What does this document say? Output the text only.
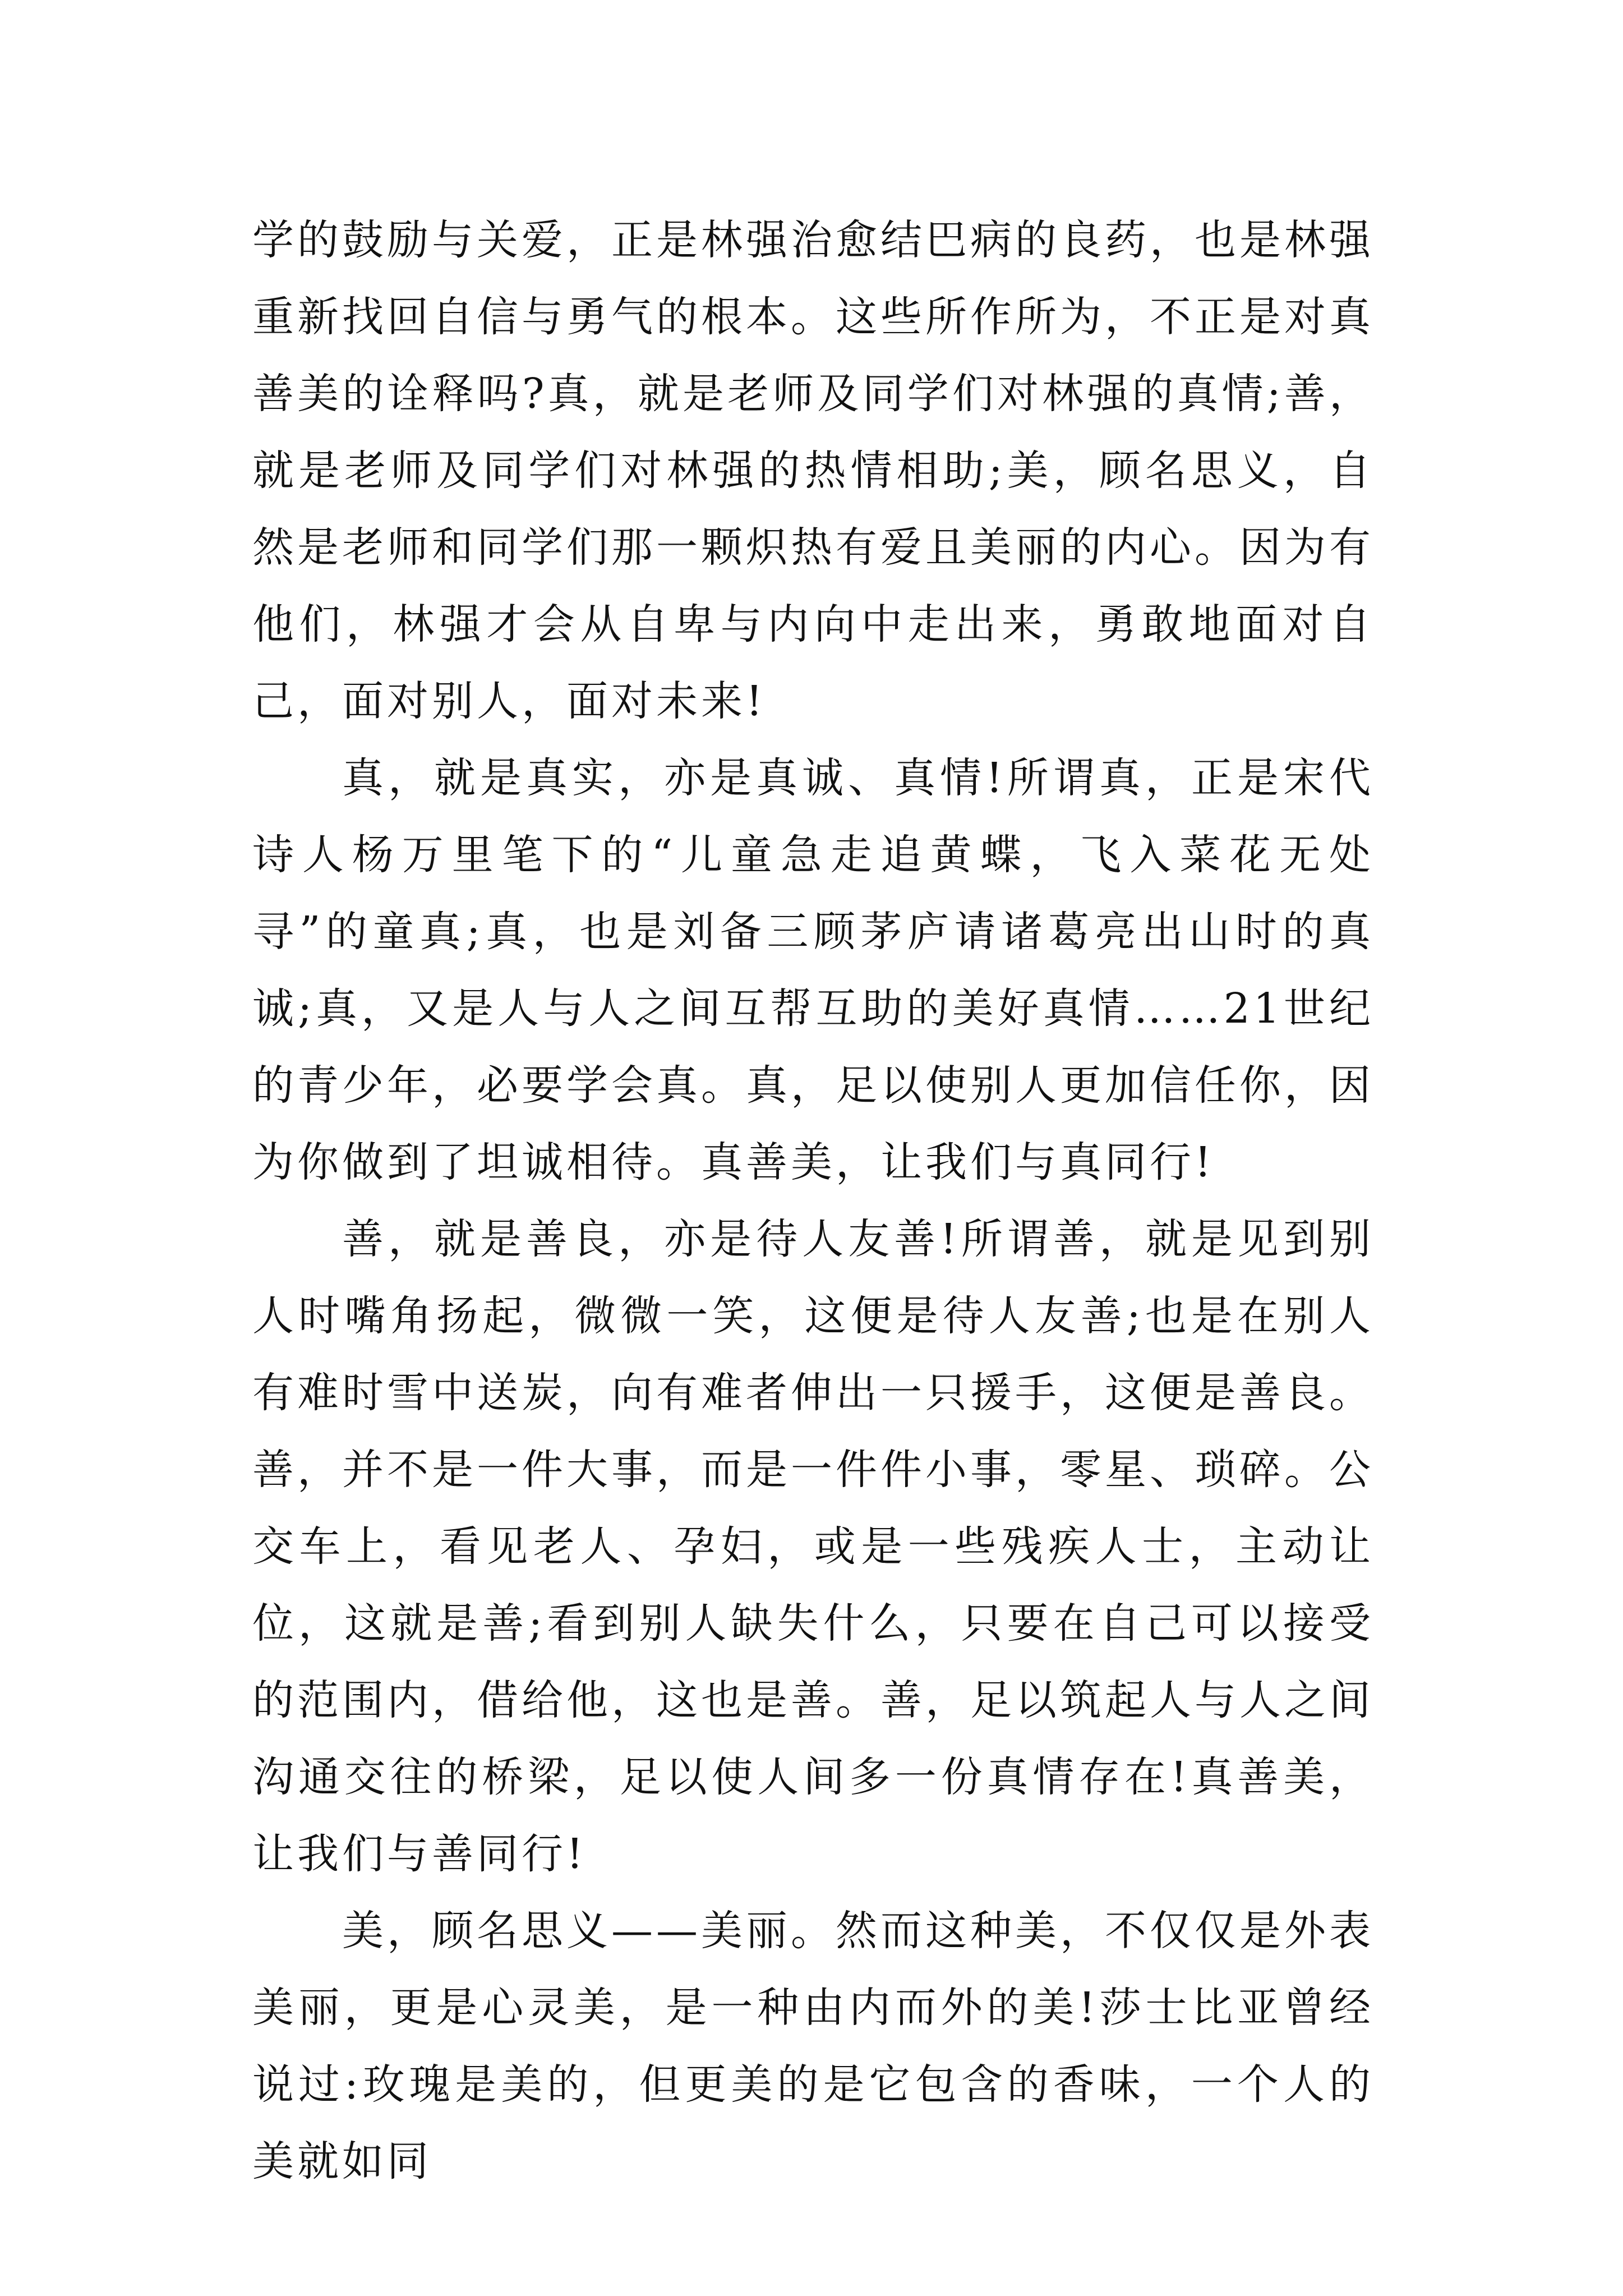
学的鼓励与关爱，正是林强治愈结巴病的良药，也是林强重新找回自信与勇气的根本。这些所作所为，不正是对真善美的诠释吗?真，就是老师及同学们对林强的真情;善，就是老师及同学们对林强的热情相助;美，顾名思义，自然是老师和同学们那一颗炽热有爱且美丽的内心。因为有他们，林强才会从自卑与内向中走出来，勇敢地面对自己，面对别人，面对未来!

真，就是真实，亦是真诚、真情!所谓真，正是宋代诗人杨万里笔下的“儿童急走追黄蝶，飞入菜花无处寻”的童真;真，也是刘备三顾茅庐请诸葛亮出山时的真诚;真，又是人与人之间互帮互助的美好真情……21世纪的青少年，必要学会真。真，足以使别人更加信任你，因为你做到了坦诚相待。真善美，让我们与真同行!

善，就是善良，亦是待人友善!所谓善，就是见到别人时嘴角扬起，微微一笑，这便是待人友善;也是在别人有难时雪中送炭，向有难者伸出一只援手，这便是善良。善，并不是一件大事，而是一件件小事，零星、琐碎。公交车上，看见老人、孕妇，或是一些残疾人士，主动让位，这就是善;看到别人缺失什么，只要在自己可以接受的范围内，借给他，这也是善。善，足以筑起人与人之间沟通交往的桥梁，足以使人间多一份真情存在!真善美，让我们与善同行!

美，顾名思义——美丽。然而这种美，不仅仅是外表美丽，更是心灵美，是一种由内而外的美!莎士比亚曾经说过:玫瑰是美的，但更美的是它包含的香味，一个人的美就如同
